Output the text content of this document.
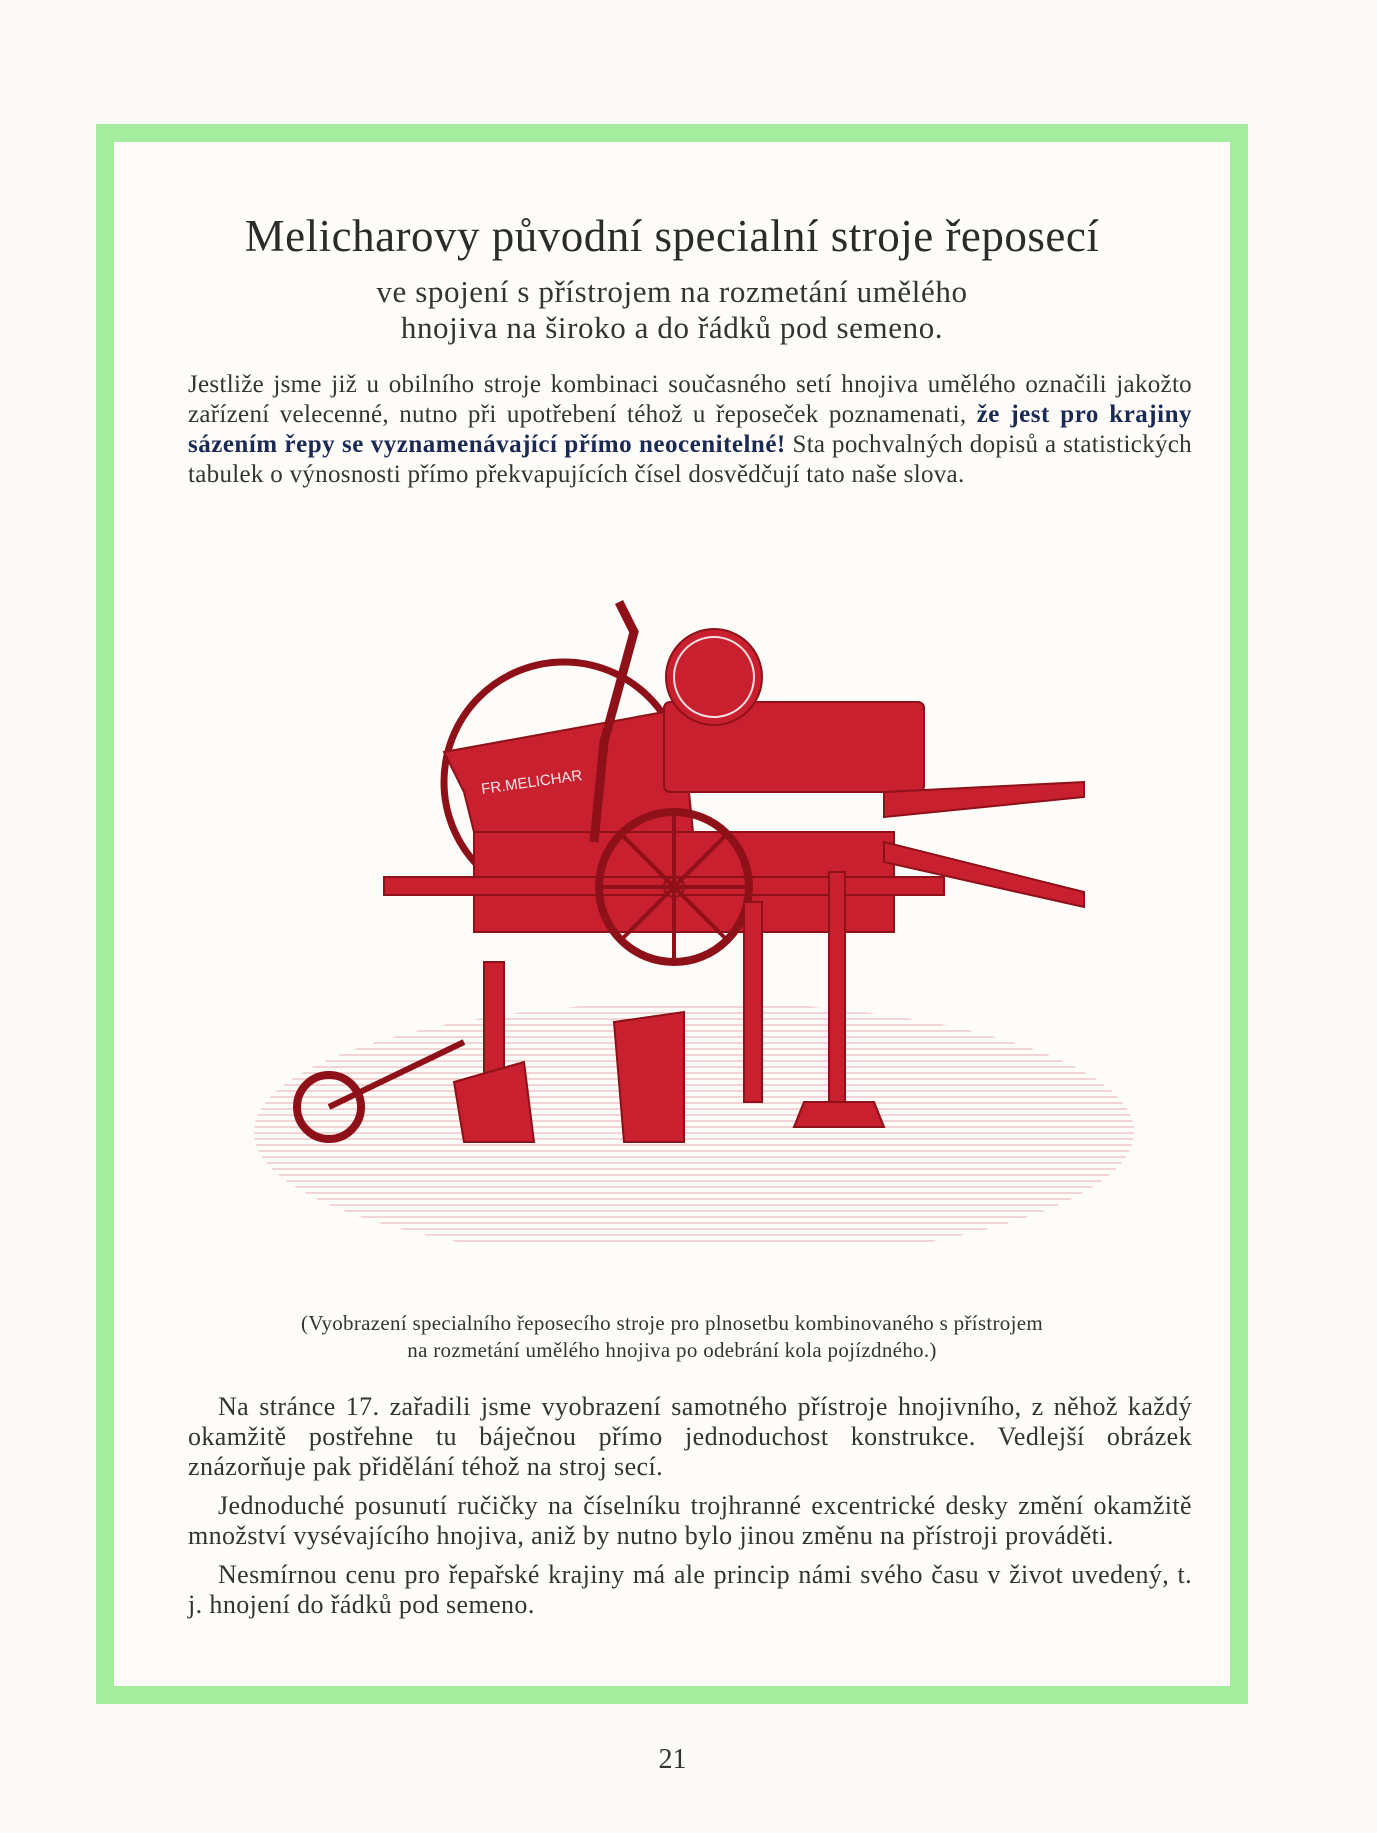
Melicharovy původní specialní stroje řeposecí
ve spojení s přístrojem na rozmetání umělého
hnojiva na široko a do řádků pod semeno.
Jestliže jsme již u obilního stroje kombinaci současného setí hnojiva umělého označili jakožto zařízení velecenné, nutno při upotřebení téhož u řeposeček poznamenati, že jest pro krajiny sázením řepy se vyznamenávající přímo neocenitelné! Sta pochvalných dopisů a statistických tabulek o výnosnosti přímo překvapujících čísel dosvědčují tato naše slova.
FR.MELICHAR
(Vyobrazení specialního řeposecího stroje pro plnosetbu kombinovaného s přístrojem
na rozmetání umělého hnojiva po odebrání kola pojízdného.)

Na stránce 17. zařadili jsme vyobrazení samotného přístroje hnojivního, z něhož každý okamžitě postřehne tu báječnou přímo jednoduchost konstrukce. Vedlejší obrázek znázorňuje pak přidělání téhož na stroj secí.

Jednoduché posunutí ručičky na číselníku trojhranné excentrické desky změní okamžitě množství vysévajícího hnojiva, aniž by nutno bylo jinou změnu na přístroji prováděti.

Nesmírnou cenu pro řepařské krajiny má ale princip námi svého času v život uvedený, t. j. hnojení do řádků pod semeno.

21
